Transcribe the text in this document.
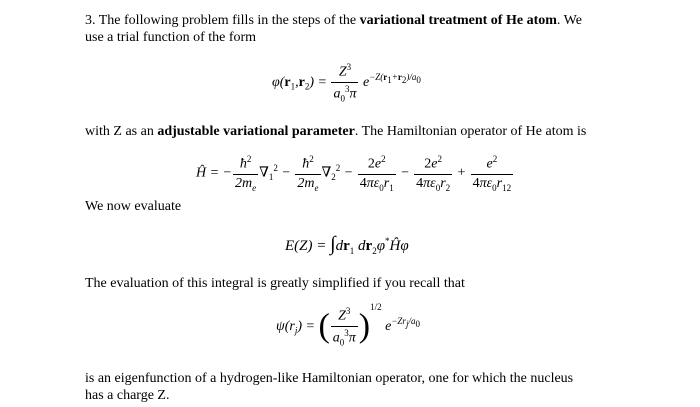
3. The following problem fills in the steps of the variational treatment of He atom. We
use a trial function of the form
$\varphi(r_1,r_2) = \frac{Z^3}{a_0^3\pi} e^{-Z(r_1+r_2)/a_0}$
with Z as an adjustable variational parameter. The Hamiltonian operator of He atom is
Ĥ = − $\frac{ħ^2}{2m_e} \nabla_1^2 - \frac{ħ^2}{2m_e} \nabla_2^2 - \frac{2e^2}{4\pi\varepsilon_0r_1} - \frac{2e^2}{4\pi\varepsilon_0r_2} + \frac{e^2}{4\pi\varepsilon_0r_{12}}$
We now evaluate
$E(Z) = \int dr_1$ $dr_2\varphi^*Ĥ\varphi$
The evaluation of this integral is greatly simplified if you recall that
$\psi(r_j)$ = ( $\frac{Z^3}{a_0^3\pi} )^{1/2}$ $e^{-Zr_j/a_0}$
is an eigenfunction of a hydrogen-like Hamiltonian operator, one for which the nucleus
has a charge Z.
